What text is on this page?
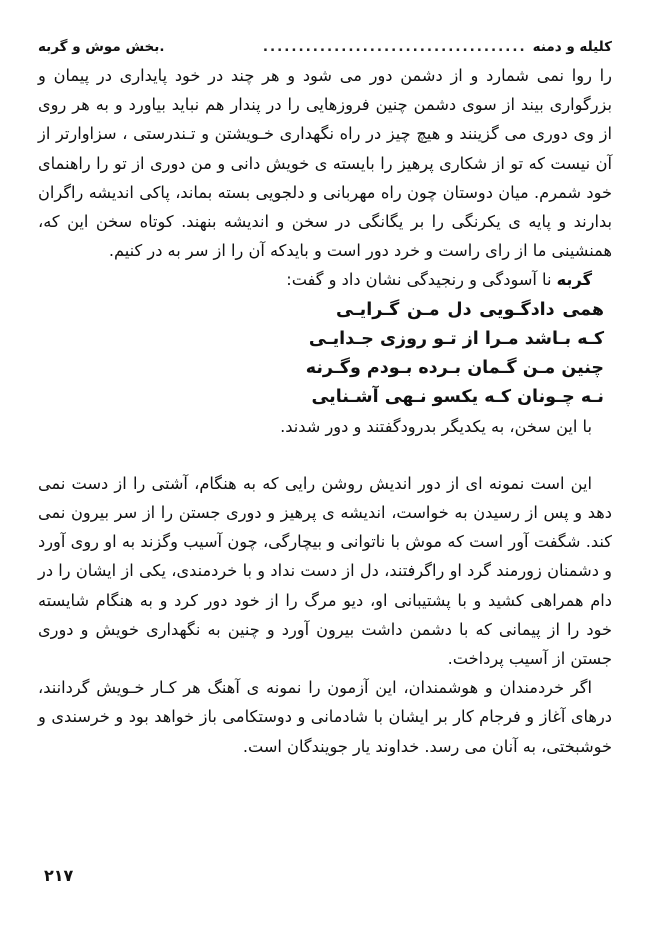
کلیله و دمنه
.....................................
.بخش موش و گربه

را روا نمی شمارد و از دشمن دور می شود و هر چند در خود پایداری در پیمان و بزرگواری بیند از سوی دشمن چنین فروزهایی را در پندار هم نباید بیاورد و به هر روی از وی دوری می گزینند و هیچ چیز در راه نگهداری خـویشتن و تـندرستی ، سزاوارتر از آن نیست که تو از شکاری پرهیز را بایسته ی خویش دانی و من دوری از تو را راهنمای خود شمرم. میان دوستان چون راه مهربانی و دلجویی بسته بماند، پاکی اندیشه راگران بدارند و پایه ی یکرنگی را بر یگانگی در سخن و اندیشه بنهند. کوتاه سخن این که، همنشینی ما از رای راست و خرد دور است و بایدکه آن را از سر به در کنیم.

گربه نا آسودگی و رنجیدگی نشان داد و گفت:

همی دادگـویی دل مـن گـرایـی
کـه بـاشد مـرا از تـو روزی جـدایـی
چنین مـن گـمان بـرده بـودم وگـرنه
نـه چـونان کـه یکسو نـهی آشـنایی

با این سخن، به یکدیگر بدرودگفتند و دور شدند.

این است نمونه ای از دور اندیش روشن رایی که به هنگام، آشتی را از دست نمی دهد و پس از رسیدن به خواست، اندیشه ی پرهیز و دوری جستن را از سر بیرون نمی کند. شگفت آور است که موش با ناتوانی و بیچارگی، چون آسیب وگزند به او روی آورد و دشمنان زورمند گرد او راگرفتند، دل از دست نداد و با خردمندی، یکی از ایشان را در دام همراهی کشید و با پشتیبانی او، دیو مرگ را از خود دور کرد و به هنگام شایسته خود را از پیمانی که با دشمن داشت بیرون آورد و چنین به نگهداری خویش و دوری جستن از آسیب پرداخت.

اگر خردمندان و هوشمندان، این آزمون را نمونه ی آهنگ هر کـار خـویش گردانند، درهای آغاز و فرجام کار بر ایشان با شادمانی و دوستکامی باز خواهد بود و خرسندی و خوشبختی، به آنان می رسد. خداوند یار جویندگان است.

۲۱۷
